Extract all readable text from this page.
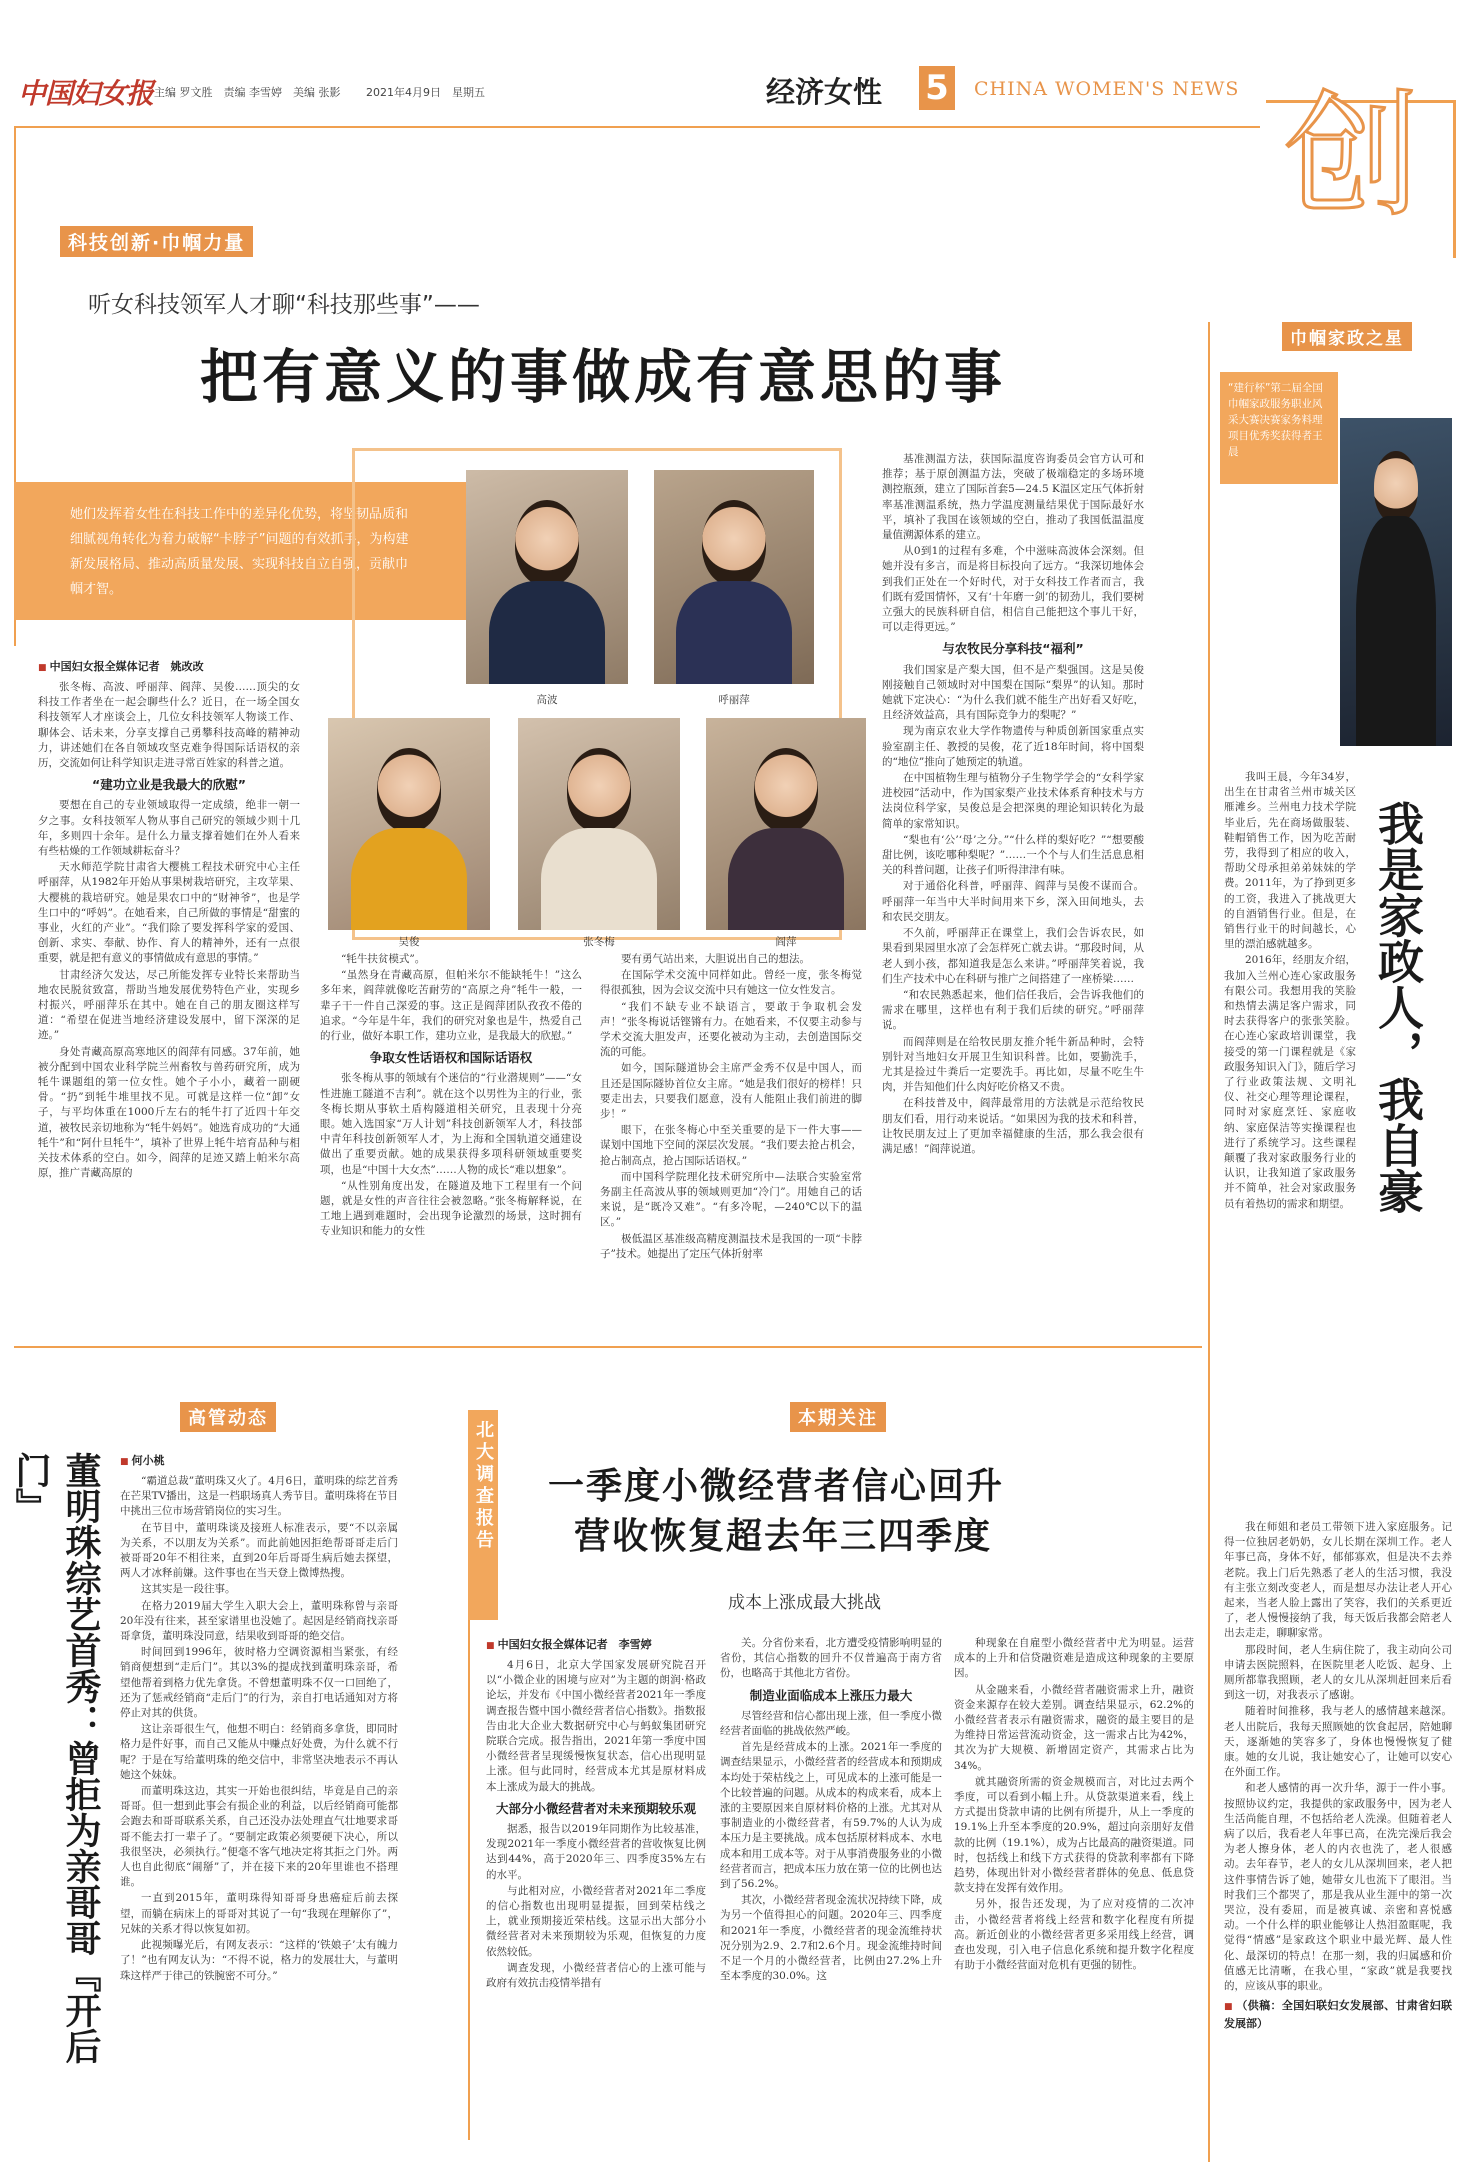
中国妇女报 主编 罗文胜　责编 李雪婷　美编 张影 2021年4月9日　星期五	经济女性 5	CHINA WOMEN'S NEWS 创
科技创新·巾帼力量
听女科技领军人才聊“科技那些事”——
把有意义的事做成有意思的事
她们发挥着女性在科技工作中的差异化优势，将坚韧品质和细腻视角转化为着力破解“卡脖子”问题的有效抓手，为构建新发展格局、推动高质量发展、实现科技自立自强，贡献巾帼才智。
高波	呼丽萍
吴俊	张冬梅	阎萍
■ 中国妇女报全媒体记者　姚改改

张冬梅、高波、呼丽萍、阎萍、吴俊……顶尖的女科技工作者坐在一起会聊些什么？近日，在一场全国女科技领军人才座谈会上，几位女科技领军人物谈工作、聊体会、话未来，分享支撑自己勇攀科技高峰的精神动力，讲述她们在各自领域攻坚克难争得国际话语权的亲历，交流如何让科学知识走进寻常百姓家的科普之道。

“建功立业是我最大的欣慰”

要想在自己的专业领域取得一定成绩，绝非一朝一夕之事。女科技领军人物从事自己研究的领域少则十几年，多则四十余年。是什么力量支撑着她们在外人看来有些枯燥的工作领域耕耘奋斗？

天水师范学院甘肃省大樱桃工程技术研究中心主任呼丽萍，从1982年开始从事果树栽培研究，主攻苹果、大樱桃的栽培研究。她是果农口中的“财神爷”，也是学生口中的“呼妈”。在她看来，自己所做的事情是“甜蜜的事业，火红的产业”。“我们除了要发挥科学家的爱国、创新、求实、奉献、协作、育人的精神外，还有一点很重要，就是把有意义的事情做成有意思的事情。”

甘肃经济欠发达，尽己所能发挥专业特长来帮助当地农民脱贫致富，帮助当地发展优势特色产业，实现乡村振兴，呼丽萍乐在其中。她在自己的朋友圈这样写道：“希望在促进当地经济建设发展中，留下深深的足迹。”

身处青藏高原高寒地区的阎萍有同感。37年前，她被分配到中国农业科学院兰州畜牧与兽药研究所，成为牦牛课题组的第一位女性。她个子小小，藏着一副硬骨。“扔”到牦牛堆里找不见。可就是这样一位“卸”女子，与平均体重在1000斤左右的牦牛打了近四十年交道，被牧民亲切地称为“牦牛妈妈”。她选育成功的“大通牦牛”和“阿什旦牦牛”，填补了世界上牦牛培育品种与相关技术体系的空白。如今，阎萍的足迹又踏上帕米尔高原，推广青藏高原的

“牦牛扶贫模式”。

“虽然身在青藏高原，但帕米尔不能缺牦牛！”这么多年来，阎萍就像吃苦耐劳的“高原之舟”牦牛一般，一辈子干一件自己深爱的事。这正是阎萍团队孜孜不倦的追求。“今年是牛年，我们的研究对象也是牛，热爱自己的行业，做好本职工作，建功立业，是我最大的欣慰。”

争取女性话语权和国际话语权

张冬梅从事的领域有个迷信的“行业潜规则”——“女性进施工隧道不吉利”。就在这个以男性为主的行业，张冬梅长期从事软土盾构隧道相关研究，且表现十分亮眼。她入选国家“万人计划”科技创新领军人才，科技部中青年科技创新领军人才，为上海和全国轨道交通建设做出了重要贡献。她的成果获得多项科研领域重要奖项，也是“中国十大女杰”……人物的成长“难以想象”。

“从性别角度出发，在隧道及地下工程里有一个问题，就是女性的声音往往会被忽略。”张冬梅解释说，在工地上遇到难题时，会出现争论激烈的场景，这时拥有专业知识和能力的女性

要有勇气站出来，大胆说出自己的想法。

在国际学术交流中同样如此。曾经一度，张冬梅觉得很孤独，因为会议交流中只有她这一位女性发言。

“我们不缺专业不缺语言，要敢于争取机会发声！”张冬梅说话铿锵有力。在她看来，不仅要主动参与学术交流大胆发声，还要化被动为主动，去创造国际交流的可能。

如今，国际隧道协会主席严金秀不仅是中国人，而且还是国际隧协首位女主席。“她是我们很好的榜样！只要走出去，只要我们愿意，没有人能阻止我们前进的脚步！”

眼下，在张冬梅心中至关重要的是下一件大事——谋划中国地下空间的深层次发展。“我们要去抢占机会，抢占制高点，抢占国际话语权。”

而中国科学院理化技术研究所中—法联合实验室常务副主任高波从事的领域则更加“冷门”。用她自己的话来说，是“既冷又难”。“有多冷呢，—240℃以下的温区。”

极低温区基准级高精度测温技术是我国的一项“卡脖子”技术。她提出了定压气体折射率

基准测温方法，获国际温度咨询委员会官方认可和推荐；基于原创测温方法，突破了极端稳定的多场环境测控瓶颈，建立了国际首套5—24.5 K温区定压气体折射率基准测温系统，热力学温度测量结果优于国际最好水平，填补了我国在该领域的空白，推动了我国低温温度量值溯源体系的建立。

从0到1的过程有多难，个中滋味高波体会深刻。但她并没有多言，而是将目标投向了远方。“我深切地体会到我们正处在一个好时代，对于女科技工作者而言，我们既有爱国情怀，又有‘十年磨一剑’的韧劲儿，我们要树立强大的民族科研自信，相信自己能把这个事儿干好，可以走得更远。”

与农牧民分享科技“福利”

我们国家是产梨大国，但不是产梨强国。这是吴俊刚接触自己领域时对中国梨在国际“梨界”的认知。那时她就下定决心：“为什么我们就不能生产出好看又好吃，且经济效益高，具有国际竞争力的梨呢？”

现为南京农业大学作物遗传与种质创新国家重点实验室副主任、教授的吴俊，花了近18年时间，将中国梨的“地位”推向了她预定的轨道。

在中国植物生理与植物分子生物学学会的“女科学家进校园”活动中，作为国家梨产业技术体系育种技术与方法岗位科学家，吴俊总是会把深奥的理论知识转化为最简单的家常知识。

“梨也有‘公’‘母’之分。”“什么样的梨好吃？”“想要酸甜比例，该吃哪种梨呢？”……一个个与人们生活息息相关的科普问题，让孩子们听得津津有味。

对于通俗化科普，呼丽萍、阎萍与吴俊不谋而合。呼丽萍一年当中大半时间用来下乡，深入田间地头，去和农民交朋友。

不久前，呼丽萍正在课堂上，我们会告诉农民，如果看到果园里水凉了会怎样死亡就去讲。“那段时间，从老人到小孩，都知道我是怎么来讲。”呼丽萍笑着说，我们生产技术中心在科研与推广之间搭建了一座桥梁……

“和农民熟悉起来，他们信任我后，会告诉我他们的需求在哪里，这样也有利于我们后续的研究。”呼丽萍说。

而阎萍则是在给牧民朋友推介牦牛新品种时，会特别针对当地妇女开展卫生知识科普。比如，要勤洗手，尤其是捡过牛粪后一定要洗手。再比如，尽量不吃生牛肉，并告知他们什么肉好吃价格又不贵。

在科技普及中，阎萍最常用的方法就是示范给牧民朋友们看，用行动来说话。“如果因为我的技术和科普，让牧民朋友过上了更加幸福健康的生活，那么我会很有满足感！”阎萍说道。

巾帼家政之星
“建行杯”第二届全国巾帼家政服务职业风采大赛决赛家务料理项目优秀奖获得者王晨
我是家政人，我自豪

我叫王晨，今年34岁，出生在甘肃省兰州市城关区雁滩乡。兰州电力技术学院毕业后，先在商场做服装、鞋帽销售工作，因为吃苦耐劳，我得到了相应的收入，帮助父母承担弟弟妹妹的学费。2011年，为了挣到更多的工资，我进入了挑战更大的自酒销售行业。但是，在销售行业干的时间越长，心里的漂泊感就越多。

2016年，经朋友介绍，我加入兰州心连心家政服务有限公司。我想用我的笑脸和热情去满足客户需求，同时去获得客户的张张笑脸。在心连心家政培训课堂，我接受的第一门课程就是《家政服务知识入门》，随后学习了行业政策法规、文明礼仪、社交心理等理论课程，同时对家庭烹饪、家庭收纳、家庭保洁等实操课程也进行了系统学习。这些课程颠覆了我对家政服务行业的认识，让我知道了家政服务并不简单，社会对家政服务员有着热切的需求和期望。

我在师姐和老员工带领下进入家庭服务。记得一位独居老奶奶，女儿长期在深圳工作。老人年事已高，身体不好，郁郁寡欢，但是决不去养老院。我上门后先熟悉了老人的生活习惯，我没有主张立刻改变老人，而是想尽办法让老人开心起来，当老人脸上露出了笑容，我们的关系更近了，老人慢慢接纳了我，每天饭后我都会陪老人出去走走，聊聊家常。

那段时间，老人生病住院了，我主动向公司申请去医院照料，在医院里老人吃饭、起身、上厕所都靠我照顾，老人的女儿从深圳赶回来后看到这一切，对我表示了感谢。

随着时间推移，我与老人的感情越来越深。老人出院后，我每天照顾她的饮食起居，陪她聊天，逐渐她的笑容多了，身体也慢慢恢复了健康。她的女儿说，我让她安心了，让她可以安心在外面工作。

和老人感情的再一次升华，源于一件小事。按照协议约定，我提供的家政服务中，因为老人生活尚能自理，不包括给老人洗澡。但随着老人病了以后，我看老人年事已高，在洗完澡后我会为老人擦身体，老人的内衣也洗了，老人很感动。去年春节，老人的女儿从深圳回来，老人把这件事情告诉了她，她带女儿也流下了眼泪。当时我们三个都哭了，那是我从业生涯中的第一次哭泣，没有委屈，而是被真诚、亲密和喜悦感动。一个什么样的职业能够让人热泪盈眶呢，我觉得“情感”是家政这个职业中最光辉、最人性化、最深切的特点！在那一刻，我的归属感和价值感无比清晰，在我心里，“家政”就是我要找的，应该从事的职业。

■ （供稿：全国妇联妇女发展部、甘肃省妇联发展部）
高管动态
董明珠综艺首秀：曾拒为亲哥哥『开后门』
■	何小桃

“霸道总裁”董明珠又火了。4月6日，董明珠的综艺首秀在芒果TV播出，这是一档职场真人秀节目。董明珠将在节目中挑出三位市场营销岗位的实习生。

在节目中，董明珠谈及接班人标准表示，要“不以亲属为关系，不以朋友为关系”。而此前她因拒绝帮哥哥走后门被哥哥20年不相往来，直到20年后哥哥生病后她去探望，两人才冰释前嫌。这件事也在当天登上微博热搜。

这其实是一段往事。

在格力2019届大学生入职大会上，董明珠称曾与亲哥20年没有往来，甚至家谱里也没她了。起因是经销商找亲哥哥拿货，董明珠没同意，结果收到哥哥的绝交信。

时间回到1996年，彼时格力空调资源相当紧张，有经销商便想到“走后门”。其以3%的提成找到董明珠亲哥，希望他帮着到格力优先拿货。不曾想董明珠不仅一口回绝了，还为了惩戒经销商“走后门”的行为，亲自打电话通知对方将停止对其的供货。

这让亲哥很生气，他想不明白：经销商多拿货，即同时格力是件好事，而自己又能从中赚点好处费，为什么就不行呢？于是在写给董明珠的绝交信中，非常坚决地表示不再认她这个妹妹。

而董明珠这边，其实一开始也很纠结，毕竟是自己的亲哥哥。但一想到此事会有损企业的利益，以后经销商可能都会跑去和哥哥联系关系，自己还没办法处理直气壮地要求哥哥不能去打一辈子了。“要制定政策必须要硬下决心，所以我很坚决，必须执行。”便毫不客气地决定将其拒之门外。两人也自此彻底“闹掰”了，并在接下来的20年里谁也不搭理谁。

一直到2015年，董明珠得知哥哥身患癌症后前去探望，而躺在病床上的哥哥对其说了一句“我现在理解你了”，兄妹的关系才得以恢复如初。

此视频曝光后，有网友表示：“这样的‘铁娘子’太有魄力了！”也有网友认为：“不得不说，格力的发展壮大，与董明珠这样严于律己的铁腕密不可分。”

北大调查报告
本期关注
一季度小微经营者信心回升
营收恢复超去年三四季度
成本上涨成最大挑战
■ 中国妇女报全媒体记者　李雪婷

4月6日，北京大学国家发展研究院召开以“小微企业的困境与应对”为主题的朗润·格政论坛，并发布《中国小微经营者2021年一季度调查报告暨中国小微经营者信心指数》。指数报告由北大企业大数据研究中心与蚂蚁集团研究院联合完成。报告指出，2021年第一季度中国小微经营者呈现缓慢恢复状态，信心出现明显上涨。但与此同时，经营成本尤其是原材料成本上涨成为最大的挑战。

大部分小微经营者对未来预期较乐观

据悉，报告以2019年同期作为比较基准，发现2021年一季度小微经营者的营收恢复比例达到44%，高于2020年三、四季度35%左右的水平。

与此相对应，小微经营者对2021年二季度的信心指数也出现明显提振，回到荣枯线之上，就业预期接近荣枯线。这显示出大部分小微经营者对未来预期较为乐观，但恢复的力度依然较低。

调查发现，小微经营者信心的上涨可能与政府有效抗击疫情举措有

关。分省份来看，北方遭受疫情影响明显的省份，其信心指数的回升不仅普遍高于南方省份，也略高于其他北方省份。

制造业面临成本上涨压力最大

尽管经营和信心都出现上涨，但一季度小微经营者面临的挑战依然严峻。

首先是经营成本的上涨。2021年一季度的调查结果显示，小微经营者的经营成本和预期成本均处于荣枯线之上，可见成本的上涨可能是一个比较普遍的问题。从成本的构成来看，成本上涨的主要原因来自原材料价格的上涨。尤其对从事制造业的小微经营者，有59.7%的人认为成本压力是主要挑战。成本包括原材料成本、水电成本和用工成本等。对于从事消费服务业的小微经营者而言，把成本压力放在第一位的比例也达到了56.2%。

其次，小微经营者现金流状况持续下降，成为另一个值得担心的问题。2020年三、四季度和2021年一季度，小微经营者的现金流维持状况分别为2.9、2.7和2.6个月。现金流维持时间不足一个月的小微经营者，比例由27.2%上升至本季度的30.0%。这

种现象在自雇型小微经营者中尤为明显。运营成本的上升和信贷融资难是造成这种现象的主要原因。

从金融来看，小微经营者融资需求上升，融资资金来源存在较大差别。调查结果显示，62.2%的小微经营者表示有融资需求，融资的最主要目的是为维持日常运营流动资金，这一需求占比为42%，其次为扩大规模、新增固定资产，其需求占比为34%。

就其融资所需的资金规模而言，对比过去两个季度，可以看到小幅上升。从贷款渠道来看，线上方式提出贷款申请的比例有所提升，从上一季度的19.1%上升至本季度的20.9%，超过向亲朋好友借款的比例（19.1%），成为占比最高的融资渠道。同时，包括线上和线下方式获得的贷款利率都有下降趋势，体现出针对小微经营者群体的免息、低息贷款支持在发挥有效作用。

另外，报告还发现，为了应对疫情的二次冲击，小微经营者将线上经营和数字化程度有所提高。新近创业的小微经营者更多采用线上经营，调查也发现，引入电子信息化系统和提升数字化程度有助于小微经营面对危机有更强的韧性。
